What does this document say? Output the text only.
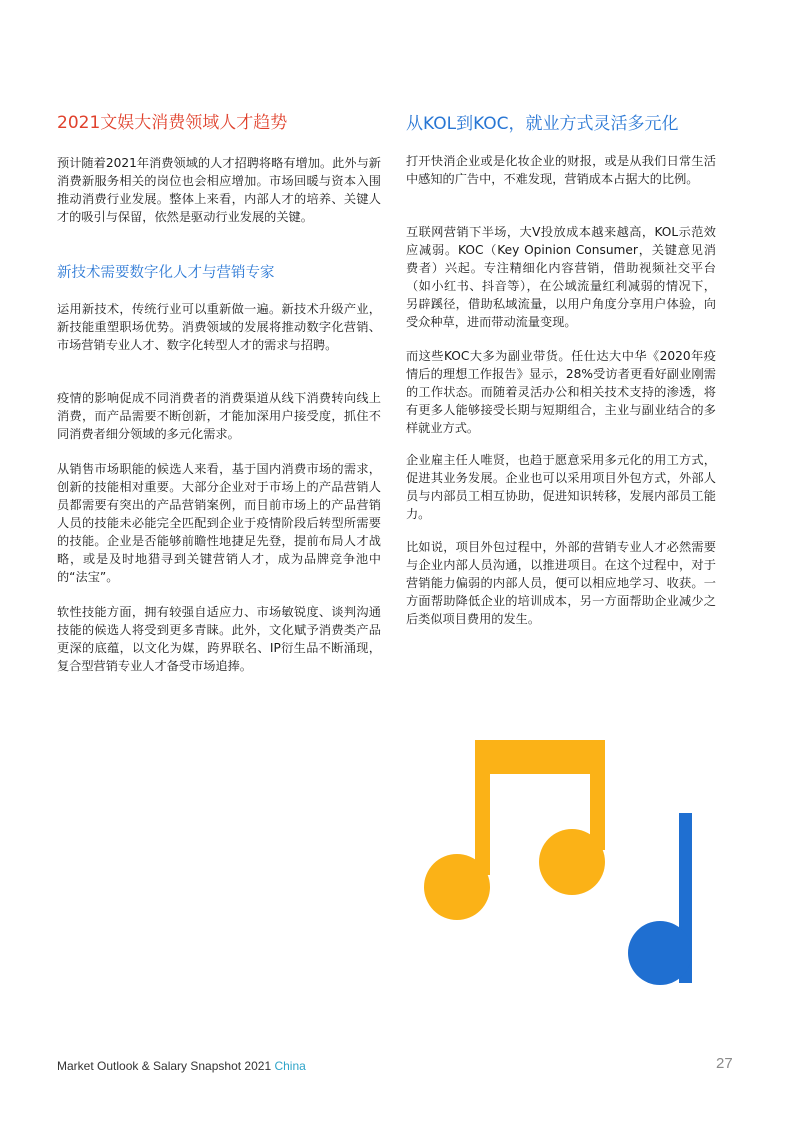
2021文娱大消费领域人才趋势

预计随着2021年消费领域的人才招聘将略有增加。此外与新消费新服务相关的岗位也会相应增加。市场回暖与资本入围推动消费行业发展。整体上来看，内部人才的培养、关键人才的吸引与保留，依然是驱动行业发展的关键。

新技术需要数字化人才与营销专家

运用新技术，传统行业可以重新做一遍。新技术升级产业，新技能重塑职场优势。消费领域的发展将推动数字化营销、市场营销专业人才、数字化转型人才的需求与招聘。

疫情的影响促成不同消费者的消费渠道从线下消费转向线上消费，而产品需要不断创新，才能加深用户接受度，抓住不同消费者细分领域的多元化需求。

从销售市场职能的候选人来看，基于国内消费市场的需求，创新的技能相对重要。大部分企业对于市场上的产品营销人员都需要有突出的产品营销案例，而目前市场上的产品营销人员的技能未必能完全匹配到企业于疫情阶段后转型所需要的技能。企业是否能够前瞻性地捷足先登，提前布局人才战略，或是及时地猎寻到关键营销人才，成为品牌竞争池中的“法宝”。

软性技能方面，拥有较强自适应力、市场敏锐度、谈判沟通技能的候选人将受到更多青睐。此外，文化赋予消费类产品更深的底蕴，以文化为媒，跨界联名、IP衍生品不断涌现，复合型营销专业人才备受市场追捧。

从KOL到KOC，就业方式灵活多元化

打开快消企业或是化妆企业的财报，或是从我们日常生活中感知的广告中，不难发现，营销成本占据大的比例。

互联网营销下半场，大V投放成本越来越高，KOL示范效应减弱。KOC（Key Opinion Consumer，关键意见消费者）兴起。专注精细化内容营销，借助视频社交平台（如小红书、抖音等），在公域流量红利减弱的情况下，另辟蹊径，借助私域流量，以用户角度分享用户体验，向受众种草，进而带动流量变现。

而这些KOC大多为副业带货。任仕达大中华《2020年疫情后的理想工作报告》显示，28%受访者更看好副业刚需的工作状态。而随着灵活办公和相关技术支持的渗透，将有更多人能够接受长期与短期组合，主业与副业结合的多样就业方式。

企业雇主任人唯贤，也趋于愿意采用多元化的用工方式，促进其业务发展。企业也可以采用项目外包方式，外部人员与内部员工相互协助，促进知识转移，发展内部员工能力。

比如说，项目外包过程中，外部的营销专业人才必然需要与企业内部人员沟通，以推进项目。在这个过程中，对于营销能力偏弱的内部人员，便可以相应地学习、收获。一方面帮助降低企业的培训成本，另一方面帮助企业减少之后类似项目费用的发生。

Market Outlook & Salary Snapshot 2021 China	27
